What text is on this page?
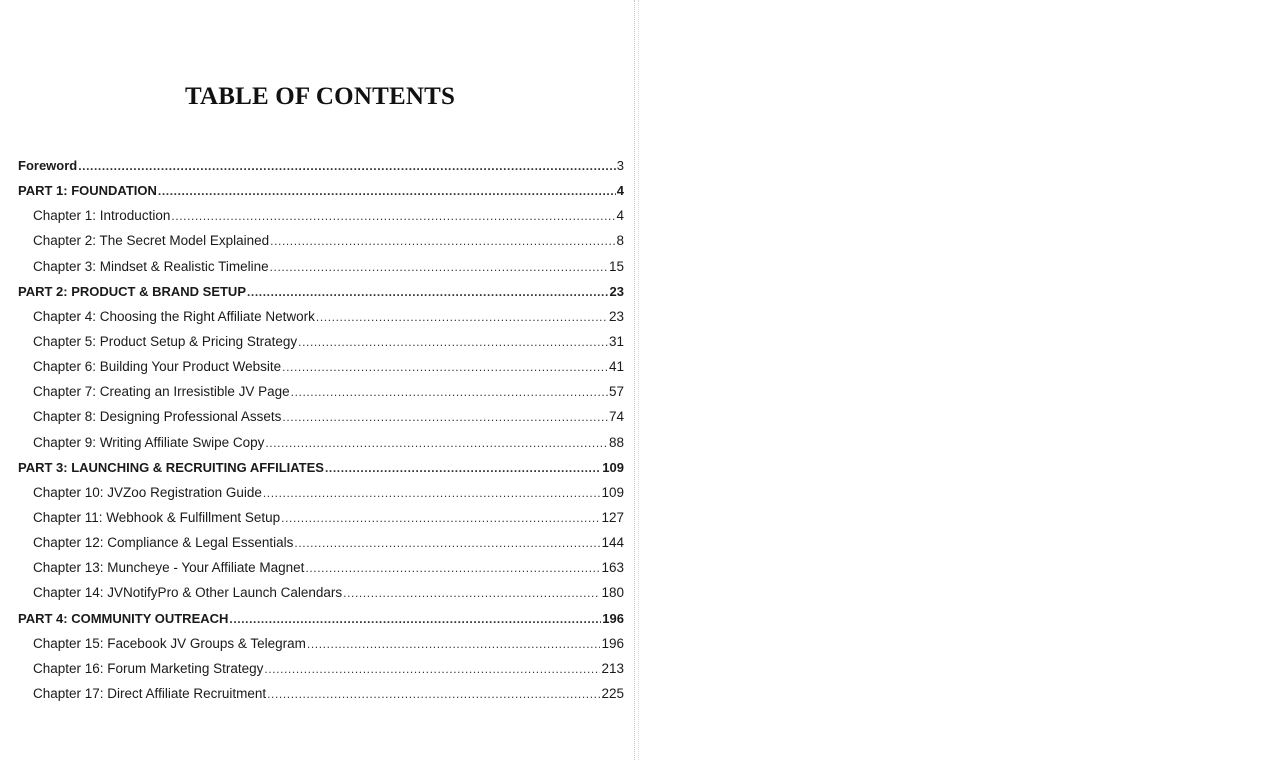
TABLE OF CONTENTS
Foreword .....	3
PART 1: FOUNDATION .....	4
Chapter 1: Introduction .....	4
Chapter 2: The Secret Model Explained .....	8
Chapter 3: Mindset & Realistic Timeline .....	15
PART 2: PRODUCT & BRAND SETUP .....	23
Chapter 4: Choosing the Right Affiliate Network .....	23
Chapter 5: Product Setup & Pricing Strategy .....	31
Chapter 6: Building Your Product Website .....	41
Chapter 7: Creating an Irresistible JV Page .....	57
Chapter 8: Designing Professional Assets .....	74
Chapter 9: Writing Affiliate Swipe Copy .....	88
PART 3: LAUNCHING & RECRUITING AFFILIATES .....	109
Chapter 10: JVZoo Registration Guide .....	109
Chapter 11: Webhook & Fulfillment Setup .....	127
Chapter 12: Compliance & Legal Essentials .....	144
Chapter 13: Muncheye - Your Affiliate Magnet .....	163
Chapter 14: JVNotifyPro & Other Launch Calendars .....	180
PART 4: COMMUNITY OUTREACH .....	196
Chapter 15: Facebook JV Groups & Telegram .....	196
Chapter 16: Forum Marketing Strategy .....	213
Chapter 17: Direct Affiliate Recruitment .....	225
